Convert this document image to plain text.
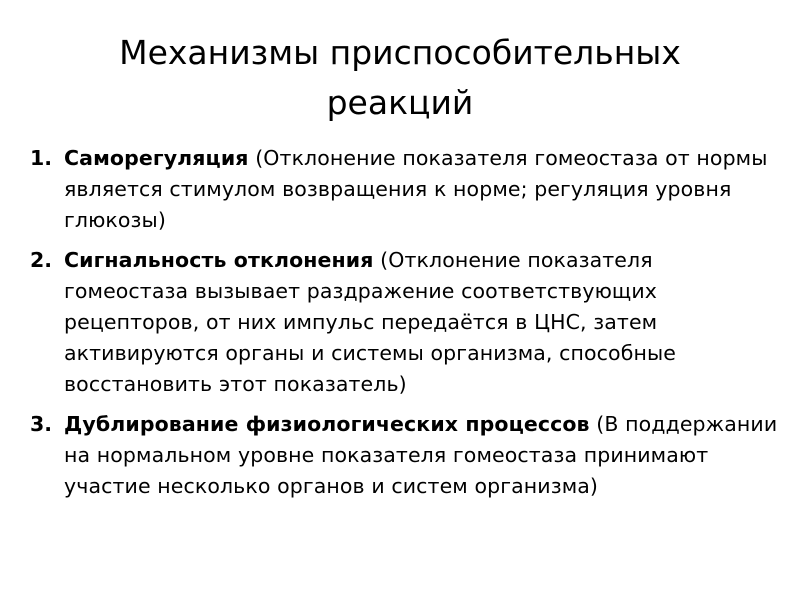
Механизмы приспособительных
реакций
1. Саморегуляция (Отклонение показателя гомеостаза от нормы является стимулом возвращения к норме; регуляция уровня глюкозы)
2. Сигнальность отклонения (Отклонение показателя гомеостаза вызывает раздражение соответствующих рецепторов, от них импульс передаётся в ЦНС, затем активируются органы и системы организма, способные восстановить этот показатель)
3. Дублирование физиологических процессов (В поддержании на нормальном уровне показателя гомеостаза принимают участие несколько органов и систем организма)
